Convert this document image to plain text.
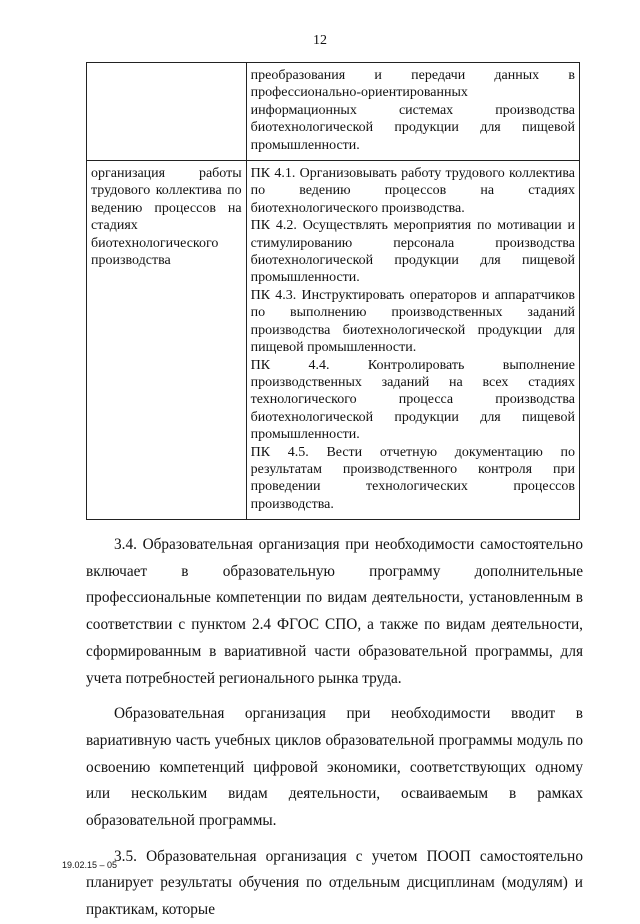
12

	преобразования и передачи данных в профессионально-ориентированных информационных системах производства биотехнологической продукции для пищевой промышленности.

организация работы трудового коллектива по ведению процессов на стадиях биотехнологического производства	ПК 4.1. Организовывать работу трудового коллектива по ведению процессов на стадиях биотехнологического производства.
ПК 4.2. Осуществлять мероприятия по мотивации и стимулированию персонала производства биотехнологической продукции для пищевой промышленности.
ПК 4.3. Инструктировать операторов и аппаратчиков по выполнению производственных заданий производства биотехнологической продукции для пищевой промышленности.
ПК 4.4. Контролировать выполнение производственных заданий на всех стадиях технологического процесса производства биотехнологической продукции для пищевой промышленности.
ПК 4.5. Вести отчетную документацию по результатам производственного контроля при проведении технологических процессов производства.

3.4. Образовательная организация при необходимости самостоятельно включает в образовательную программу дополнительные профессиональные компетенции по видам деятельности, установленным в соответствии с пунктом 2.4 ФГОС СПО, а также по видам деятельности, сформированным в вариативной части образовательной программы, для учета потребностей регионального рынка труда.

Образовательная организация при необходимости вводит в вариативную часть учебных циклов образовательной программы модуль по освоению компетенций цифровой экономики, соответствующих одному или нескольким видам деятельности, осваиваемым в рамках образовательной программы.

3.5. Образовательная организация с учетом ПООП самостоятельно планирует результаты обучения по отдельным дисциплинам (модулям) и практикам, которые

19.02.15 – 05
